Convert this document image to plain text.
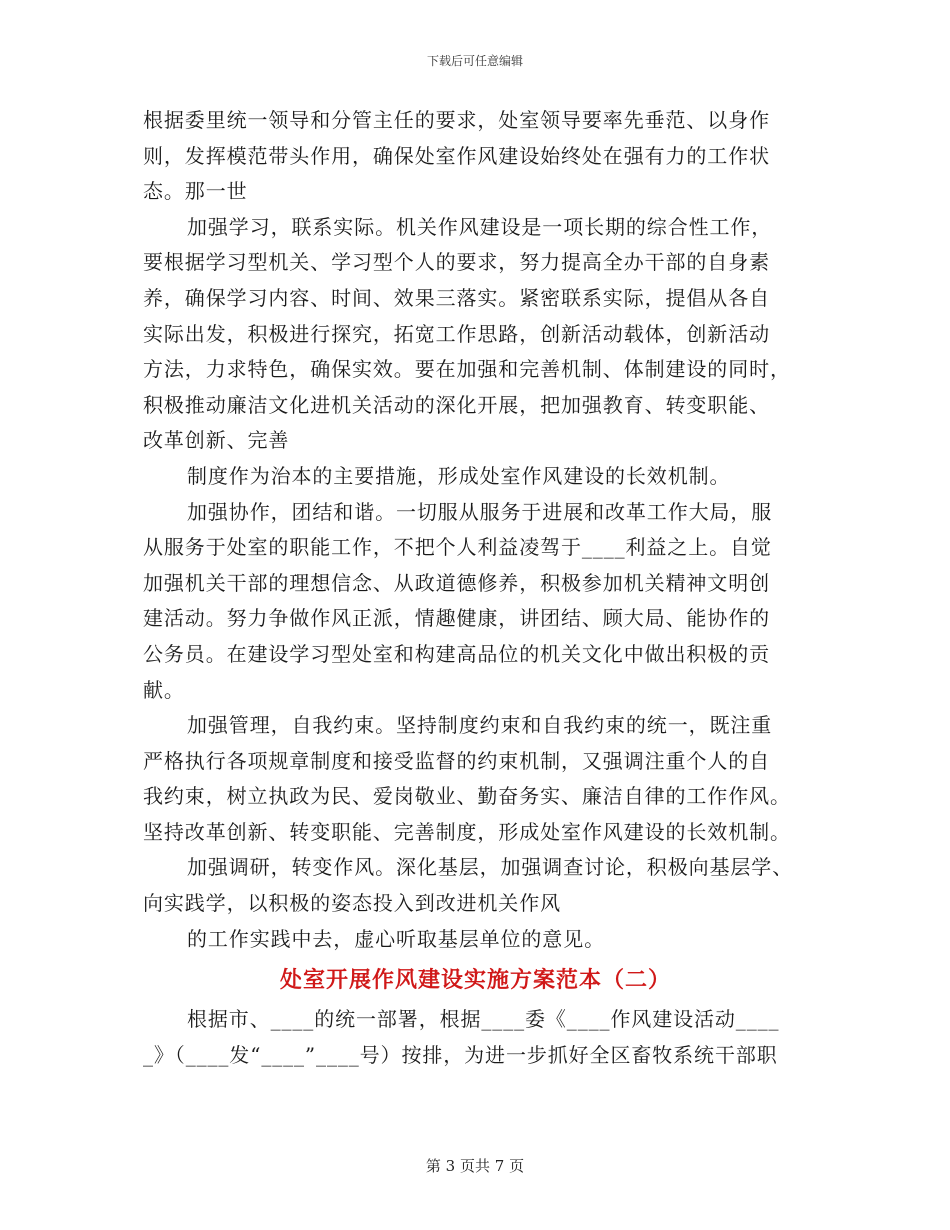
下载后可任意编辑
根据委里统一领导和分管主任的要求，处室领导要率先垂范、以身作
则，发挥模范带头作用，确保处室作风建设始终处在强有力的工作状
态。那一世
加强学习，联系实际。机关作风建设是一项长期的综合性工作，
要根据学习型机关、学习型个人的要求，努力提高全办干部的自身素
养，确保学习内容、时间、效果三落实。紧密联系实际，提倡从各自
实际出发，积极进行探究，拓宽工作思路，创新活动载体，创新活动
方法，力求特色，确保实效。要在加强和完善机制、体制建设的同时，
积极推动廉洁文化进机关活动的深化开展，把加强教育、转变职能、
改革创新、完善
制度作为治本的主要措施，形成处室作风建设的长效机制。
加强协作，团结和谐。一切服从服务于进展和改革工作大局，服
从服务于处室的职能工作，不把个人利益凌驾于____利益之上。自觉
加强机关干部的理想信念、从政道德修养，积极参加机关精神文明创
建活动。努力争做作风正派，情趣健康，讲团结、顾大局、能协作的
公务员。在建设学习型处室和构建高品位的机关文化中做出积极的贡
献。
加强管理，自我约束。坚持制度约束和自我约束的统一，既注重
严格执行各项规章制度和接受监督的约束机制，又强调注重个人的自
我约束，树立执政为民、爱岗敬业、勤奋务实、廉洁自律的工作作风。
坚持改革创新、转变职能、完善制度，形成处室作风建设的长效机制。
加强调研，转变作风。深化基层，加强调查讨论，积极向基层学、
向实践学，以积极的姿态投入到改进机关作风
的工作实践中去，虚心听取基层单位的意见。
处室开展作风建设实施方案范本（二）
根据市、____的统一部署，根据____委《____作风建设活动____
_》（____发“____”____号）按排，为进一步抓好全区畜牧系统干部职
第 3 页共 7 页
